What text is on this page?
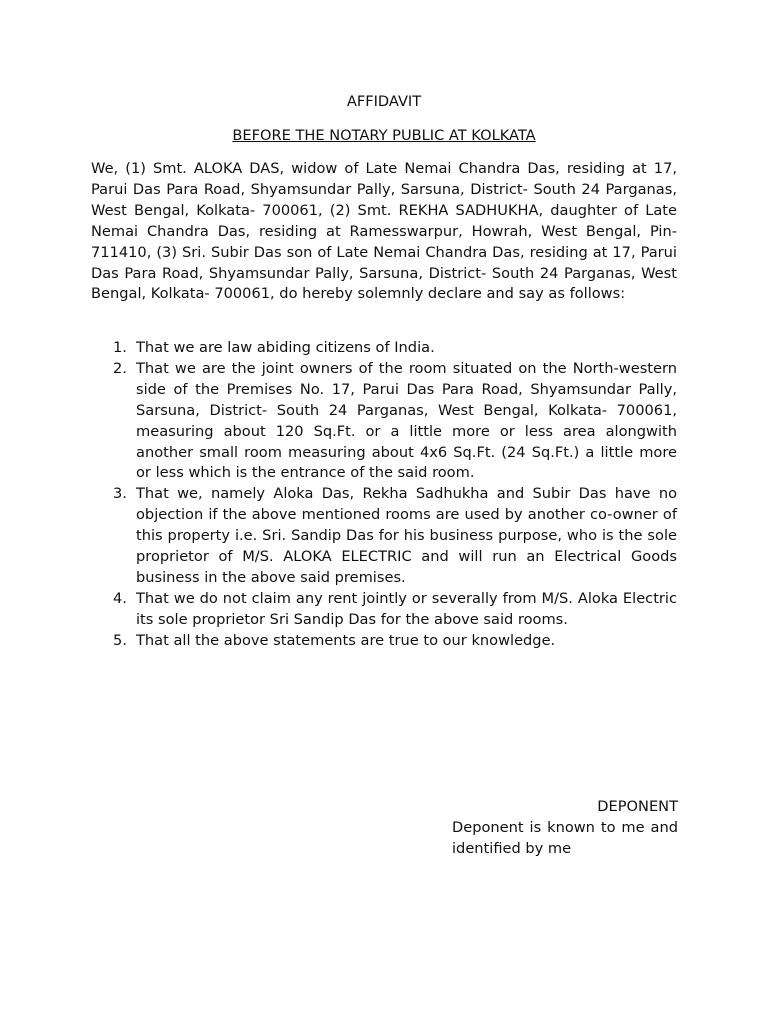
AFFIDAVIT
BEFORE THE NOTARY PUBLIC AT KOLKATA

We, (1) Smt. ALOKA DAS, widow of Late Nemai Chandra Das, residing at 17, Parui Das Para Road, Shyamsundar Pally, Sarsuna, District- South 24 Parganas, West Bengal, Kolkata- 700061, (2) Smt. REKHA SADHUKHA, daughter of Late Nemai Chandra Das, residing at Ramesswarpur, Howrah, West Bengal, Pin-711410, (3) Sri. Subir Das son of Late Nemai Chandra Das, residing at 17, Parui Das Para Road, Shyamsundar Pally, Sarsuna, District- South 24 Parganas, West Bengal, Kolkata- 700061, do hereby solemnly declare and say as follows:

1. That we are law abiding citizens of India.
2. That we are the joint owners of the room situated on the North-western side of the Premises No. 17, Parui Das Para Road, Shyamsundar Pally, Sarsuna, District- South 24 Parganas, West Bengal, Kolkata- 700061, measuring about 120 Sq.Ft. or a little more or less area alongwith another small room measuring about 4x6 Sq.Ft. (24 Sq.Ft.) a little more or less which is the entrance of the said room.
3. That we, namely Aloka Das, Rekha Sadhukha and Subir Das have no objection if the above mentioned rooms are used by another co-owner of this property i.e. Sri. Sandip Das for his business purpose, who is the sole proprietor of M/S. ALOKA ELECTRIC and will run an Electrical Goods business in the above said premises.
4. That we do not claim any rent jointly or severally from M/S. Aloka Electric its sole proprietor Sri Sandip Das for the above said rooms.
5. That all the above statements are true to our knowledge.
DEPONENT

Deponent is known to me and identified by me
